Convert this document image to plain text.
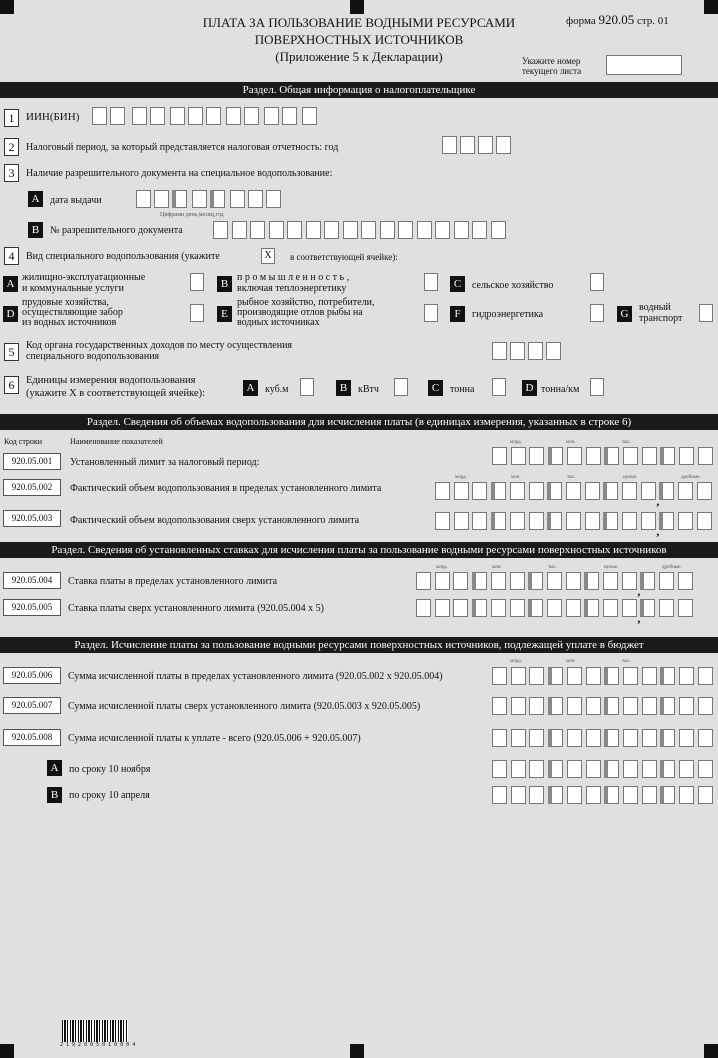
ПЛАТА ЗА ПОЛЬЗОВАНИЕ ВОДНЫМИ РЕСУРСАМИ
ПОВЕРХНОСТНЫХ ИСТОЧНИКОВ
(Приложение 5 к Декларации)
форма 920.05 стр. 01
Укажите номер
текущего листа
Раздел. Общая информация о налогоплательщике
1	ИИН(БИН)
2	Налоговый период, за который представляется налоговая отчетность: год
3	Наличие разрешительного документа на специальное водопользование:
A	дата выдачи
Цифрами день,месяц,год
B	№ разрешительного документа
4	Вид специального водопользования (укажите	X	в соответствующей ячейке):
A
жилищно-эксплуатационные
и коммунальные услуги	B
п р о м ы ш л е н н о с т ь ,
включая теплоэнергетику	C	сельское хозяйство
D
прудовые хозяйства,
осуществляющие забор
из водных источников
E
рыбное хозяйство, потребители,
производящие отлов рыбы на
водных источниках
F	гидроэнергетика	G
водный
транспорт
5	Код органа государственных доходов по месту осуществления
специального водопользования
6	Единицы измерения водопользования
(укажите Х в соответствующей ячейке):	A	куб.м	B	кВтч	C	тонна	D тонна/км
Раздел. Сведения об объемах водопользования для исчисления платы (в единицах измерения, указанных в строке 6)
Код строки	Наименование показателей
920.05.001	Установленный лимит за налоговый период:
920.05.002	Фактический объем водопользования в пределах установленного лимита
920.05.003	Фактический объем водопользования сверх установленного лимита
Раздел. Сведения об установленных ставках для исчисления платы за пользование водными ресурсами поверхностных источников
920.05.004	Ставка платы в пределах установленного лимита
920.05.005	Ставка платы сверх установленного лимита (920.05.004 х 5)
Раздел. Исчисление платы за пользование водными ресурсами поверхностных источников, подлежащей уплате в бюджет
920.05.006	Сумма исчисленной платы в пределах установленного лимита (920.05.002 х 920.05.004)
920.05.007	Сумма исчисленной платы сверх установленного лимита (920.05.003 х 920.05.005)
920.05.008	Сумма исчисленной платы к уплате - всего (920.05.006 + 920.05.007)
A	по сроку 10 ноября
B	по сроку 10 апреля
2 1 9 2 0 0 5 0 1 0 0 0 4
млрд.	млн.	тыс.
,
млрд.	млн.	тыс.	целые.	дробные.
,
,
млрд.	млн.	тыс.	целые.	дробные.
,
млрд.	млн.	тыс.
